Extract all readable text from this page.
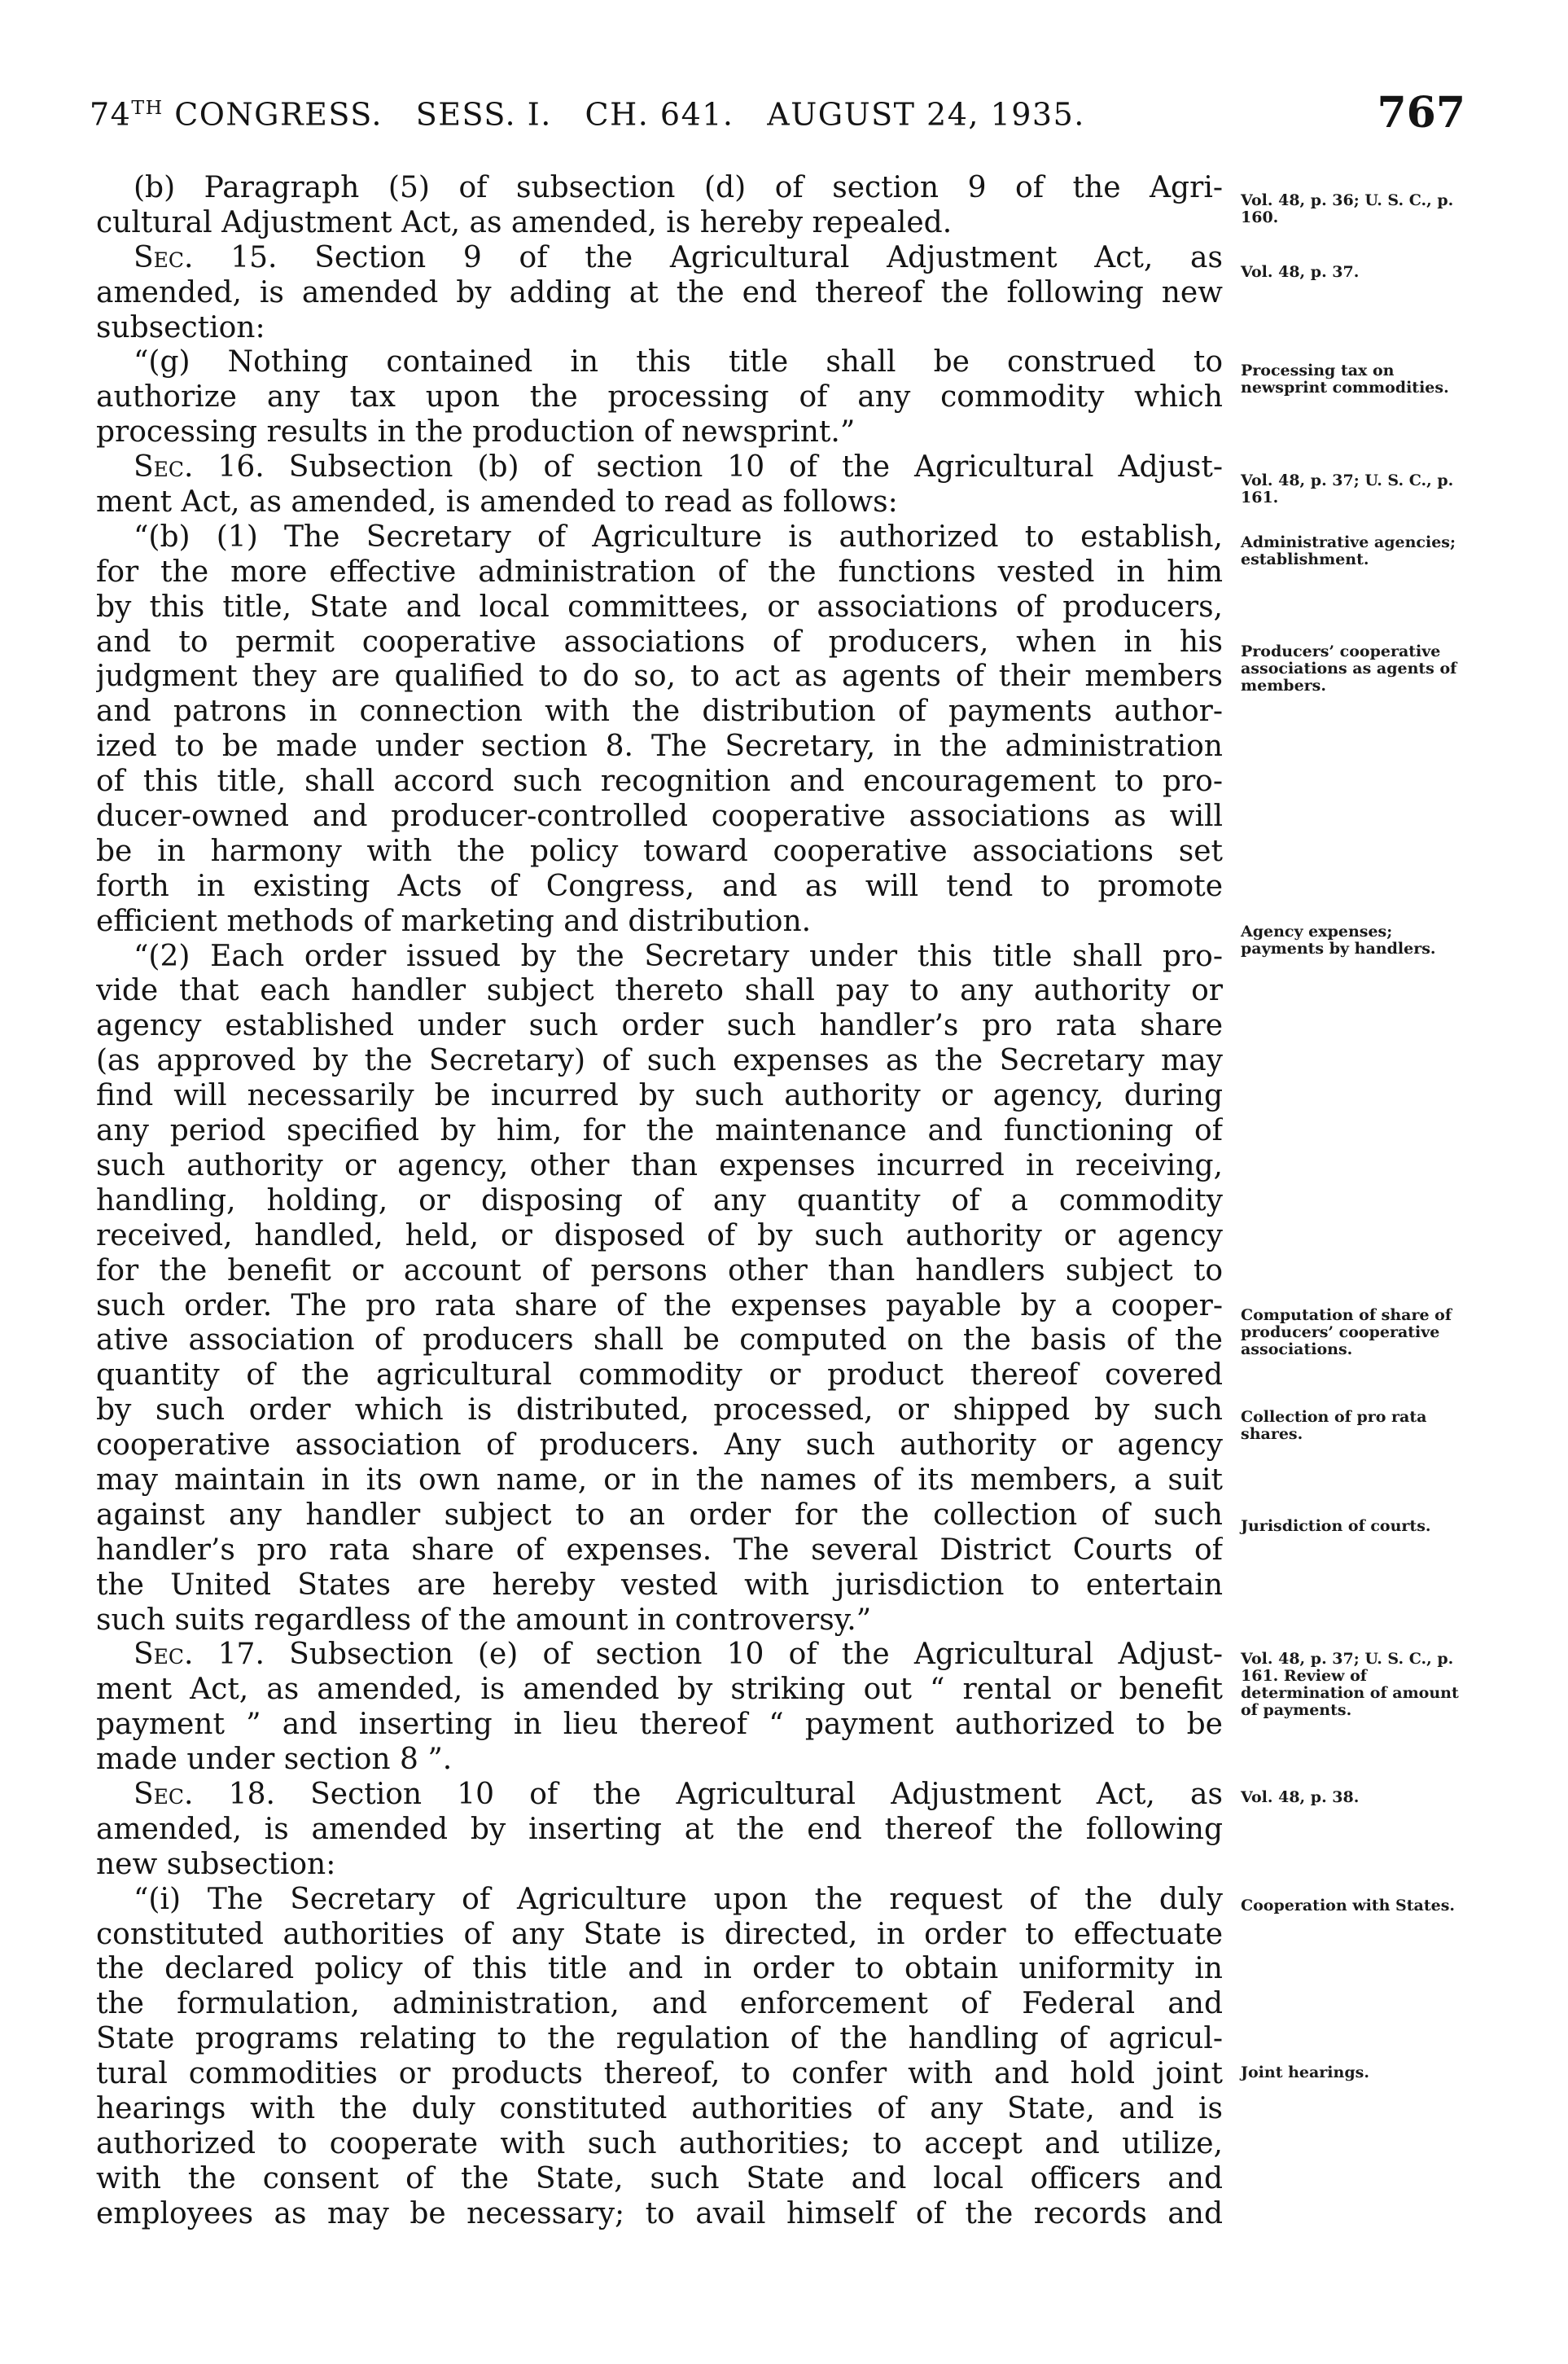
74TH CONGRESS.   SESS. I.   CH. 641.   AUGUST 24, 1935.	767
(b) Paragraph (5) of subsection (d) of section 9 of the Agri-
cultural Adjustment Act, as amended, is hereby repealed.
Sec. 15. Section 9 of the Agricultural Adjustment Act, as
amended, is amended by adding at the end thereof the following new
subsection:
“(g) Nothing contained in this title shall be construed to
authorize any tax upon the processing of any commodity which
processing results in the production of newsprint.”
Sec. 16. Subsection (b) of section 10 of the Agricultural Adjust-
ment Act, as amended, is amended to read as follows:
“(b) (1) The Secretary of Agriculture is authorized to establish,
for the more effective administration of the functions vested in him
by this title, State and local committees, or associations of producers,
and to permit cooperative associations of producers, when in his
judgment they are qualified to do so, to act as agents of their members
and patrons in connection with the distribution of payments author-
ized to be made under section 8. The Secretary, in the administration
of this title, shall accord such recognition and encouragement to pro-
ducer-owned and producer-controlled cooperative associations as will
be in harmony with the policy toward cooperative associations set
forth in existing Acts of Congress, and as will tend to promote
efficient methods of marketing and distribution.
“(2) Each order issued by the Secretary under this title shall pro-
vide that each handler subject thereto shall pay to any authority or
agency established under such order such handler’s pro rata share
(as approved by the Secretary) of such expenses as the Secretary may
find will necessarily be incurred by such authority or agency, during
any period specified by him, for the maintenance and functioning of
such authority or agency, other than expenses incurred in receiving,
handling, holding, or disposing of any quantity of a commodity
received, handled, held, or disposed of by such authority or agency
for the benefit or account of persons other than handlers subject to
such order. The pro rata share of the expenses payable by a cooper-
ative association of producers shall be computed on the basis of the
quantity of the agricultural commodity or product thereof covered
by such order which is distributed, processed, or shipped by such
cooperative association of producers. Any such authority or agency
may maintain in its own name, or in the names of its members, a suit
against any handler subject to an order for the collection of such
handler’s pro rata share of expenses. The several District Courts of
the United States are hereby vested with jurisdiction to entertain
such suits regardless of the amount in controversy.”
Sec. 17. Subsection (e) of section 10 of the Agricultural Adjust-
ment Act, as amended, is amended by striking out “ rental or benefit
payment ” and inserting in lieu thereof “ payment authorized to be
made under section 8 ”.
Sec. 18. Section 10 of the Agricultural Adjustment Act, as
amended, is amended by inserting at the end thereof the following
new subsection:
“(i) The Secretary of Agriculture upon the request of the duly
constituted authorities of any State is directed, in order to effectuate
the declared policy of this title and in order to obtain uniformity in
the formulation, administration, and enforcement of Federal and
State programs relating to the regulation of the handling of agricul-
tural commodities or products thereof, to confer with and hold joint
hearings with the duly constituted authorities of any State, and is
authorized to cooperate with such authorities; to accept and utilize,
with the consent of the State, such State and local officers and
employees as may be necessary; to avail himself of the records and
Vol. 48, p. 36; U. S. C., p. 160.
Vol. 48, p. 37.
Processing tax on newsprint commodities.
Vol. 48, p. 37; U. S. C., p. 161.
Administrative agencies; establishment.
Producers’ cooperative associations as agents of members.
Agency expenses; payments by handlers.
Computation of share of producers’ cooperative associations.
Collection of pro rata shares.
Jurisdiction of courts.
Vol. 48, p. 37; U. S. C., p. 161. Review of determination of amount of payments.
Vol. 48, p. 38.
Cooperation with States.
Joint hearings.
